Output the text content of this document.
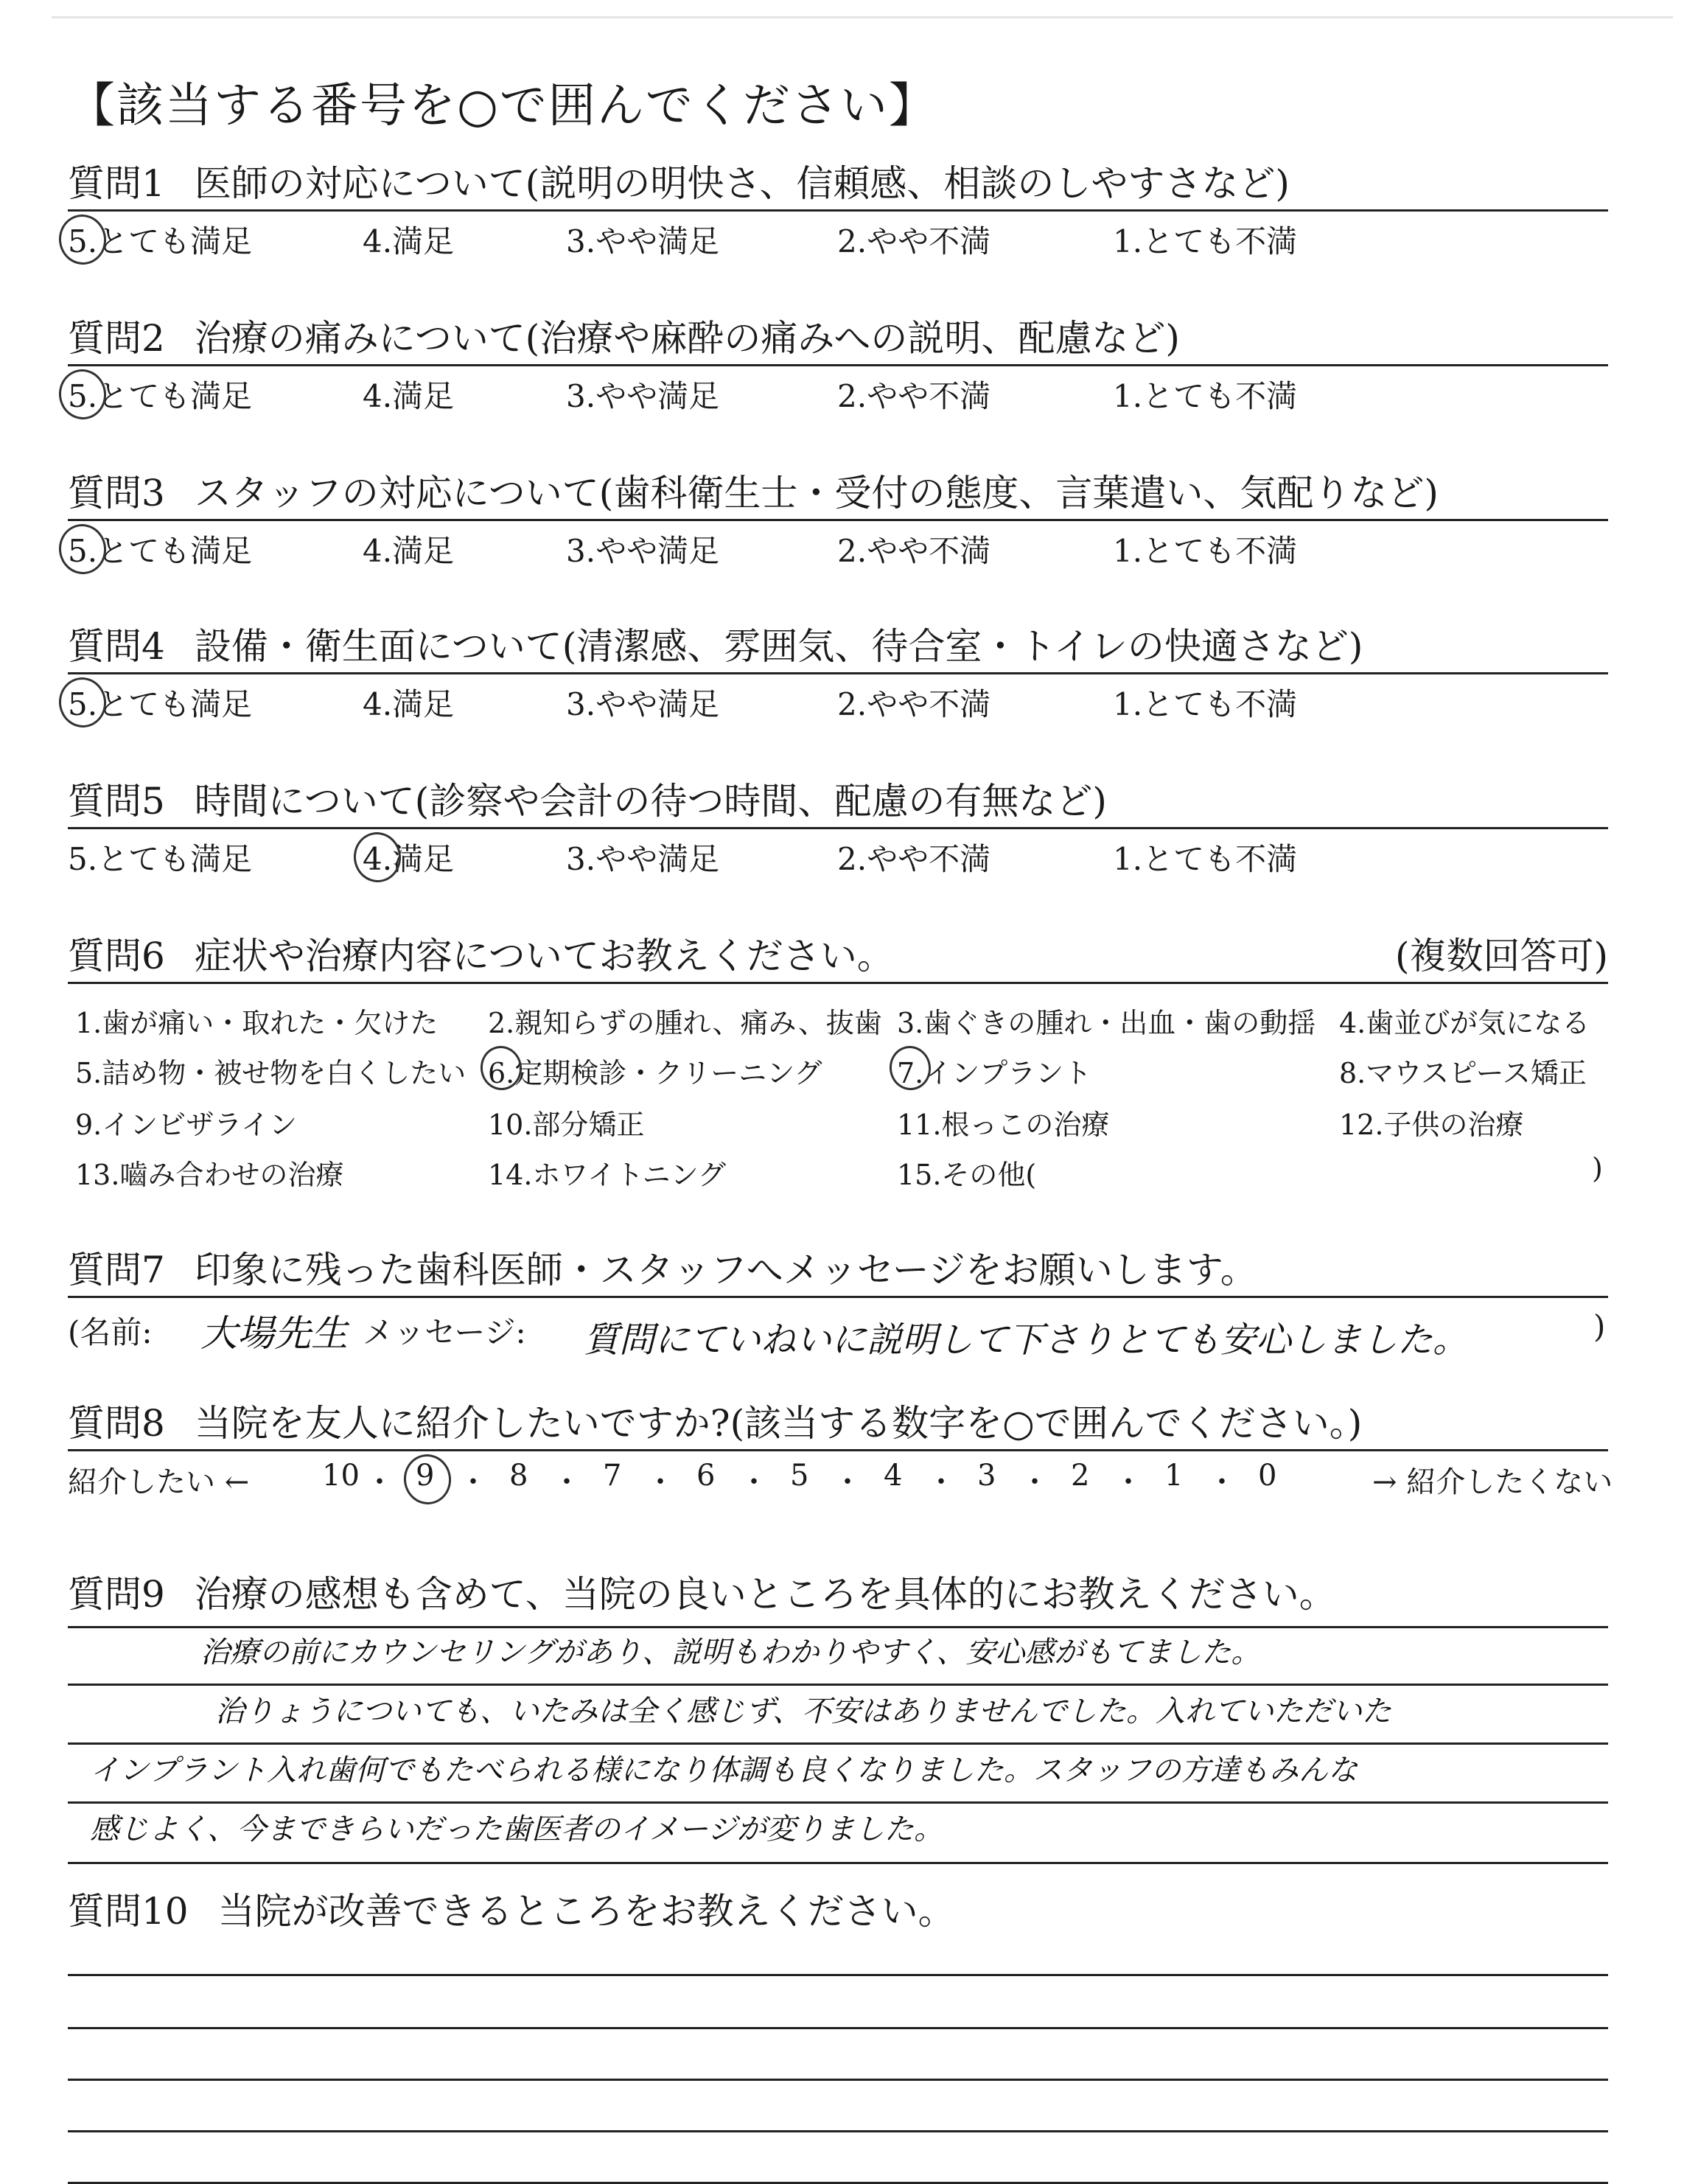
【該当する番号を○で囲んでください】
質問1 医師の対応について(説明の明快さ、信頼感、相談のしやすさなど)
5.とても満足	4.満足	3.やや満足	2.やや不満	1.とても不満
質問2 治療の痛みについて(治療や麻酔の痛みへの説明、配慮など)
5.とても満足	4.満足	3.やや満足	2.やや不満	1.とても不満
質問3 スタッフの対応について(歯科衛生士・受付の態度、言葉遣い、気配りなど)
5.とても満足	4.満足	3.やや満足	2.やや不満	1.とても不満
質問4 設備・衛生面について(清潔感、雰囲気、待合室・トイレの快適さなど)
5.とても満足	4.満足	3.やや満足	2.やや不満	1.とても不満
質問5 時間について(診察や会計の待つ時間、配慮の有無など)
5.とても満足	4.満足	3.やや満足	2.やや不満	1.とても不満
質問6 症状や治療内容についてお教えください。	(複数回答可)
1.歯が痛い・取れた・欠けた 2.親知らずの腫れ、痛み、抜歯 3.歯ぐきの腫れ・出血・歯の動揺 4.歯並びが気になる
5.詰め物・被せ物を白くしたい 6.定期検診・クリーニング	7.インプラント	8.マウスピース矯正
9.インビザライン	10.部分矯正	11.根っこの治療	12.子供の治療
13.嚙み合わせの治療	14.ホワイトニング	15.その他(	)
質問7 印象に残った歯科医師・スタッフへメッセージをお願いします。
(名前: 大場先生 メッセージ: 質問にていねいに説明して下さりとても安心しました。	)
質問8 当院を友人に紹介したいですか?(該当する数字を○で囲んでください。)
紹介したい ←	→ 紹介したくない
10 ・ 9 ・ 8 ・ 7 ・ 6 ・ 5 ・ 4 ・ 3 ・ 2 ・ 1 ・ 0
質問9 治療の感想も含めて、当院の良いところを具体的にお教えください。
治療の前にカウンセリングがあり、説明もわかりやすく、安心感がもてました。
治りょうについても、いたみは全く感じず、不安はありませんでした。入れていただいた
インプラント入れ歯何でもたべられる様になり体調も良くなりました。スタッフの方達もみんな
感じよく、今まできらいだった歯医者のイメージが変りました。
質問10 当院が改善できるところをお教えください。
